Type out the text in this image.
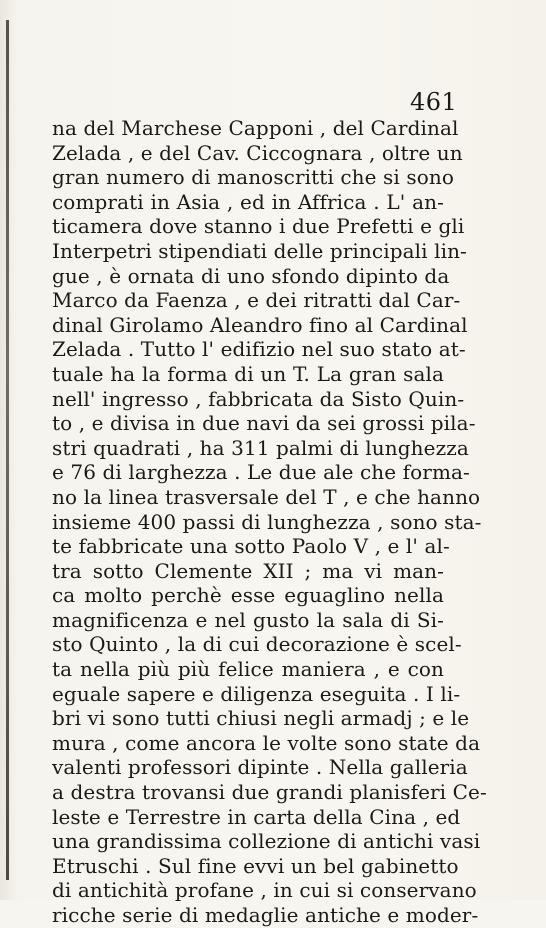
461
na del Marchese Capponi , del Cardinal
Zelada , e del Cav. Ciccognara , oltre un
gran numero di manoscritti che si sono
comprati in Asia , ed in Affrica . L' an-
ticamera dove stanno i due Prefetti e gli
Interpetri stipendiati delle principali lin-
gue , è ornata di uno sfondo dipinto da
Marco da Faenza , e dei ritratti dal Car-
dinal Girolamo Aleandro fino al Cardinal
Zelada . Tutto l' edifizio nel suo stato at-
tuale ha la forma di un T. La gran sala
nell' ingresso , fabbricata da Sisto Quin-
to , e divisa in due navi da sei grossi pila-
stri quadrati , ha 311 palmi di lunghezza
e 76 di larghezza . Le due ale che forma-
no la linea trasversale del T , e che hanno
insieme 400 passi di lunghezza , sono sta-
te fabbricate una sotto Paolo V , e l' al-
tra sotto Clemente XII ; ma vi man-
ca molto perchè esse eguaglino nella
magnificenza e nel gusto la sala di Si-
sto Quinto , la di cui decorazione è scel-
ta nella più più felice maniera , e con
eguale sapere e diligenza eseguita . I li-
bri vi sono tutti chiusi negli armadj ; e le
mura , come ancora le volte sono state da
valenti professori dipinte . Nella galleria
a destra trovansi due grandi planisferi Ce-
leste e Terrestre in carta della Cina , ed
una grandissima collezione di antichi vasi
Etruschi . Sul fine evvi un bel gabinetto
di antichità profane , in cui si conservano
ricche serie di medaglie antiche e moder-
